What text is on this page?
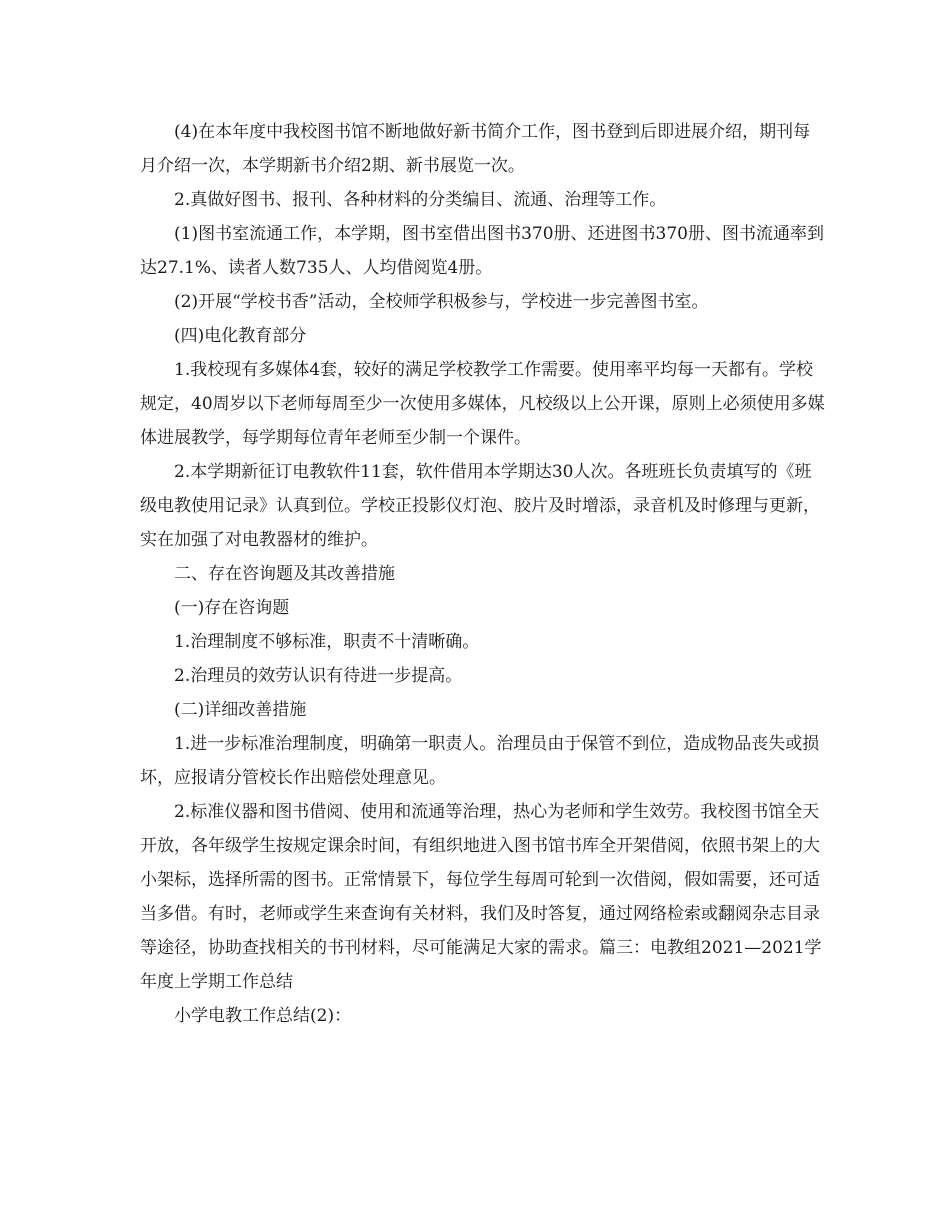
(4)在本年度中我校图书馆不断地做好新书简介工作，图书登到后即进展介绍，期刊每月介绍一次，本学期新书介绍2期、新书展览一次。

2.真做好图书、报刊、各种材料的分类编目、流通、治理等工作。

(1)图书室流通工作，本学期，图书室借出图书370册、还进图书370册、图书流通率到达27.1%、读者人数735人、人均借阅览4册。

(2)开展“学校书香”活动，全校师学积极参与，学校进一步完善图书室。

(四)电化教育部分

1.我校现有多媒体4套，较好的满足学校教学工作需要。使用率平均每一天都有。学校规定，40周岁以下老师每周至少一次使用多媒体，凡校级以上公开课，原则上必须使用多媒体进展教学，每学期每位青年老师至少制一个课件。

2.本学期新征订电教软件11套，软件借用本学期达30人次。各班班长负责填写的《班级电教使用记录》认真到位。学校正投影仪灯泡、胶片及时增添，录音机及时修理与更新，实在加强了对电教器材的维护。

二、存在咨询题及其改善措施

(一)存在咨询题

1.治理制度不够标准，职责不十清晰确。

2.治理员的效劳认识有待进一步提高。

(二)详细改善措施

1.进一步标准治理制度，明确第一职责人。治理员由于保管不到位，造成物品丧失或损坏，应报请分管校长作出赔偿处理意见。

2.标准仪器和图书借阅、使用和流通等治理，热心为老师和学生效劳。我校图书馆全天开放，各年级学生按规定课余时间，有组织地进入图书馆书库全开架借阅，依照书架上的大小架标，选择所需的图书。正常情景下，每位学生每周可轮到一次借阅，假如需要，还可适当多借。有时，老师或学生来查询有关材料，我们及时答复，通过网络检索或翻阅杂志目录等途径，协助查找相关的书刊材料，尽可能满足大家的需求。篇三：电教组2021—2021学年度上学期工作总结

小学电教工作总结(2)：
